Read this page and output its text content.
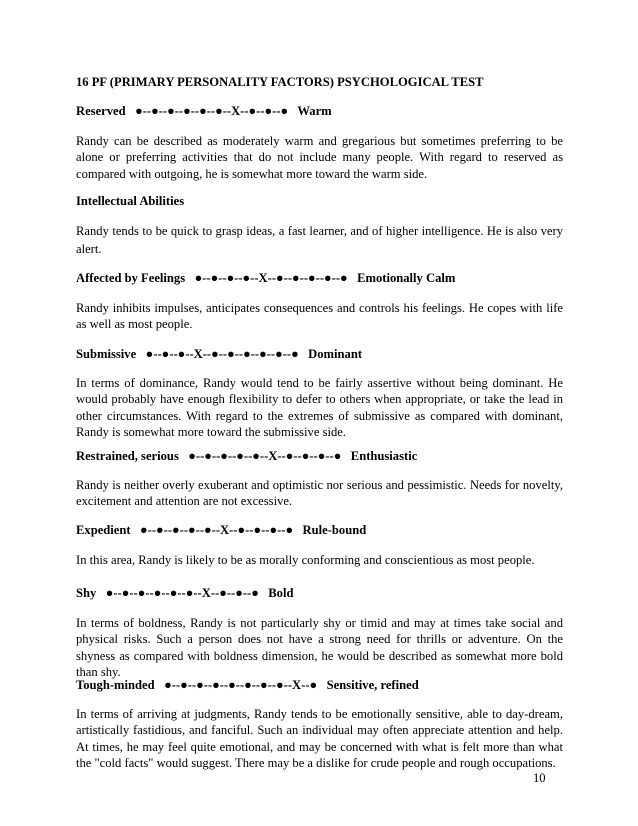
16 PF (PRIMARY PERSONALITY FACTORS) PSYCHOLOGICAL TEST
Reserved ●--●--●--●--●--●--X--●--●--● Warm
Randy can be described as moderately warm and gregarious but sometimes preferring to be alone or preferring activities that do not include many people. With regard to reserved as compared with outgoing, he is somewhat more toward the warm side.
Intellectual Abilities
Randy tends to be quick to grasp ideas, a fast learner, and of higher intelligence. He is also very alert.
Affected by Feelings ●--●--●--●--X--●--●--●--●--● Emotionally Calm
Randy inhibits impulses, anticipates consequences and controls his feelings. He copes with life as well as most people.
Submissive ●--●--●--X--●--●--●--●--●--● Dominant
In terms of dominance, Randy would tend to be fairly assertive without being dominant. He would probably have enough flexibility to defer to others when appropriate, or take the lead in other circumstances. With regard to the extremes of submissive as compared with dominant, Randy is somewhat more toward the submissive side.
Restrained, serious ●--●--●--●--●--X--●--●--●--● Enthusiastic
Randy is neither overly exuberant and optimistic nor serious and pessimistic. Needs for novelty, excitement and attention are not excessive.
Expedient ●--●--●--●--●--X--●--●--●--● Rule-bound
In this area, Randy is likely to be as morally conforming and conscientious as most people.
Shy ●--●--●--●--●--●--X--●--●--● Bold
In terms of boldness, Randy is not particularly shy or timid and may at times take social and physical risks. Such a person does not have a strong need for thrills or adventure. On the shyness as compared with boldness dimension, he would be described as somewhat more bold than shy.
Tough-minded ●--●--●--●--●--●--●--●--X--● Sensitive, refined
In terms of arriving at judgments, Randy tends to be emotionally sensitive, able to day-dream, artistically fastidious, and fanciful. Such an individual may often appreciate attention and help. At times, he may feel quite emotional, and may be concerned with what is felt more than what the "cold facts" would suggest. There may be a dislike for crude people and rough occupations.
10
